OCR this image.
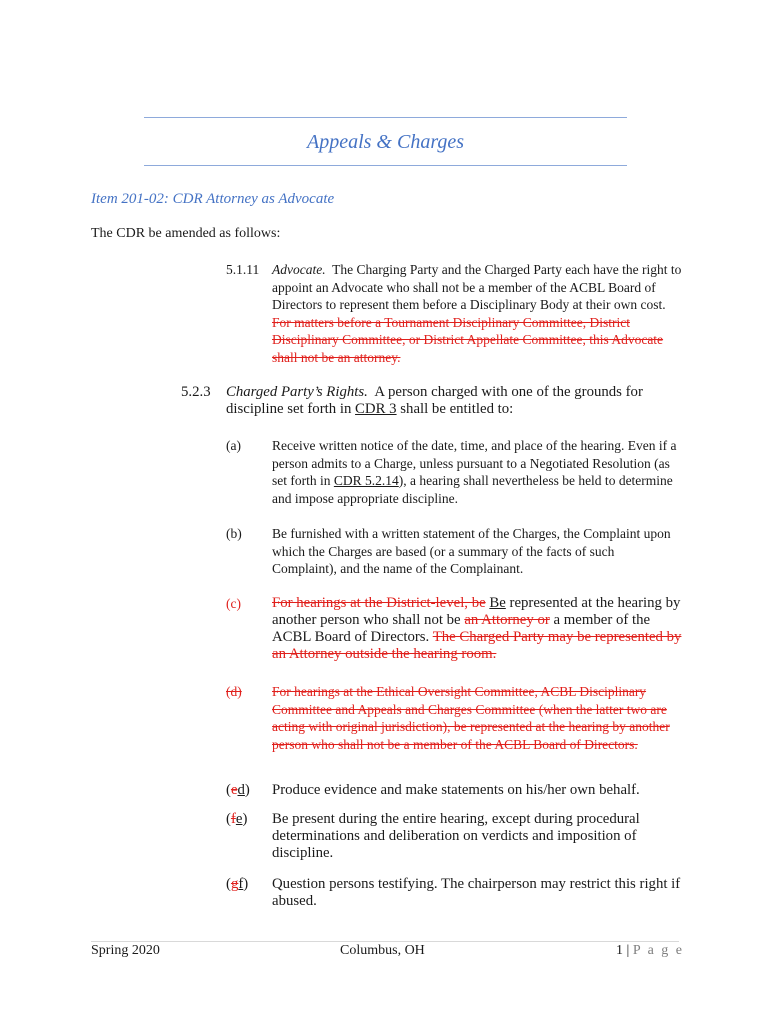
Appeals & Charges
Item 201-02: CDR Attorney as Advocate
The CDR be amended as follows:
5.1.11 Advocate. The Charging Party and the Charged Party each have the right to appoint an Advocate who shall not be a member of the ACBL Board of Directors to represent them before a Disciplinary Body at their own cost. For matters before a Tournament Disciplinary Committee, District Disciplinary Committee, or District Appellate Committee, this Advocate shall not be an attorney.
5.2.3 Charged Party’s Rights. A person charged with one of the grounds for discipline set forth in CDR 3 shall be entitled to:
(a) Receive written notice of the date, time, and place of the hearing. Even if a person admits to a Charge, unless pursuant to a Negotiated Resolution (as set forth in CDR 5.2.14), a hearing shall nevertheless be held to determine and impose appropriate discipline.
(b) Be furnished with a written statement of the Charges, the Complaint upon which the Charges are based (or a summary of the facts of such Complaint), and the name of the Complainant.
(c) For hearings at the District-level, be Be represented at the hearing by another person who shall not be an Attorney or a member of the ACBL Board of Directors. The Charged Party may be represented by an Attorney outside the hearing room.
(d)	For hearings at the Ethical Oversight Committee, ACBL Disciplinary Committee and Appeals and Charges Committee (when the latter two are acting with original jurisdiction), be represented at the hearing by another person who shall not be a member of the ACBL Board of Directors.
(ed) Produce evidence and make statements on his/her own behalf.
(fe) Be present during the entire hearing, except during procedural determinations and deliberation on verdicts and imposition of discipline.
(gf) Question persons testifying. The chairperson may restrict this right if abused.
Spring 2020	Columbus, OH	1 | P a g e
